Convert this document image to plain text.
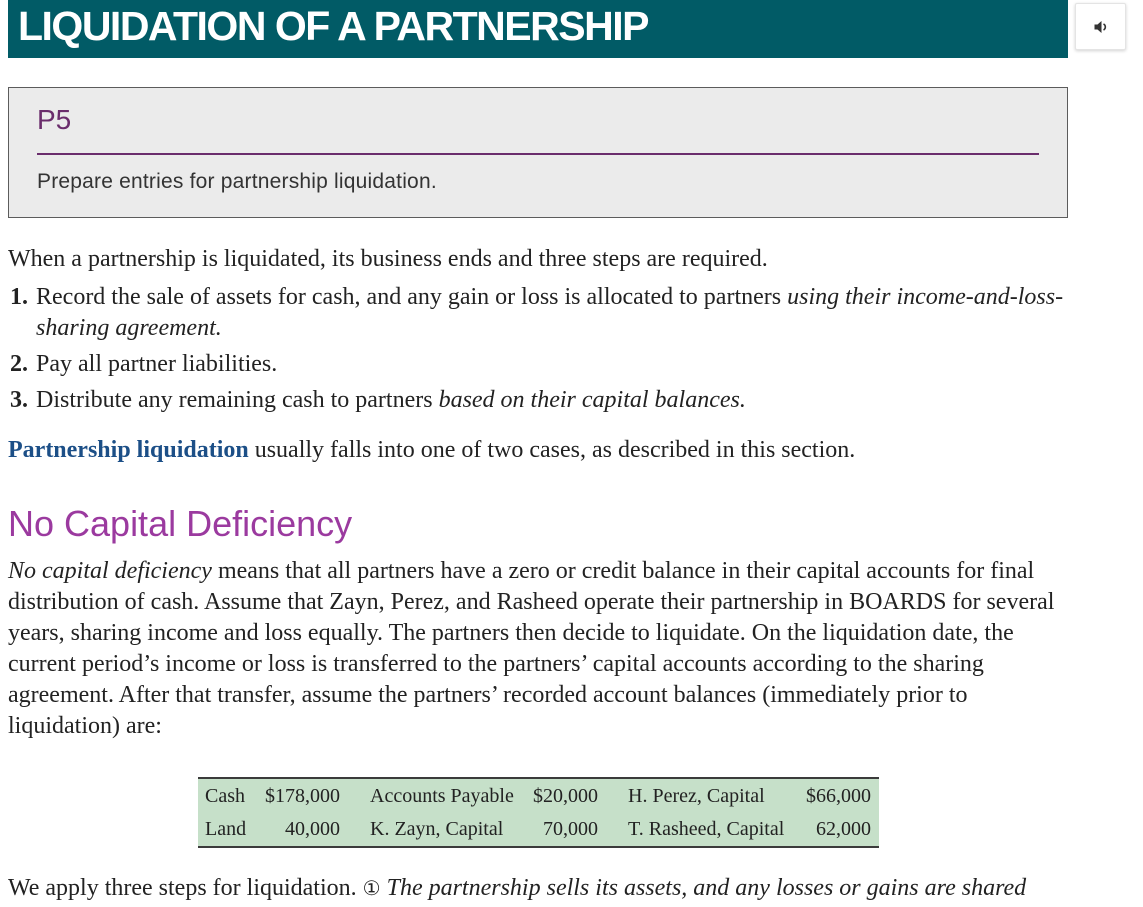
LIQUIDATION OF A PARTNERSHIP

P5

Prepare entries for partnership liquidation.

When a partnership is liquidated, its business ends and three steps are required.

1. Record the sale of assets for cash, and any gain or loss is allocated to partners using their income-and-loss-sharing agreement.
2. Pay all partner liabilities.
3. Distribute any remaining cash to partners based on their capital balances.

Partnership liquidation usually falls into one of two cases, as described in this section.

No Capital Deficiency

No capital deficiency means that all partners have a zero or credit balance in their capital accounts for final distribution of cash. Assume that Zayn, Perez, and Rasheed operate their partnership in BOARDS for several years, sharing income and loss equally. The partners then decide to liquidate. On the liquidation date, the current period’s income or loss is transferred to the partners’ capital accounts according to the sharing agreement. After that transfer, assume the partners’ recorded account balances (immediately prior to liquidation) are:

Cash	$178,000	Accounts Payable $20,000	H. Perez, Capital	$66,000
Land	40,000	K. Zayn, Capital	70,000	T. Rasheed, Capital	62,000

We apply three steps for liquidation. ① The partnership sells its assets, and any losses or gains are shared
